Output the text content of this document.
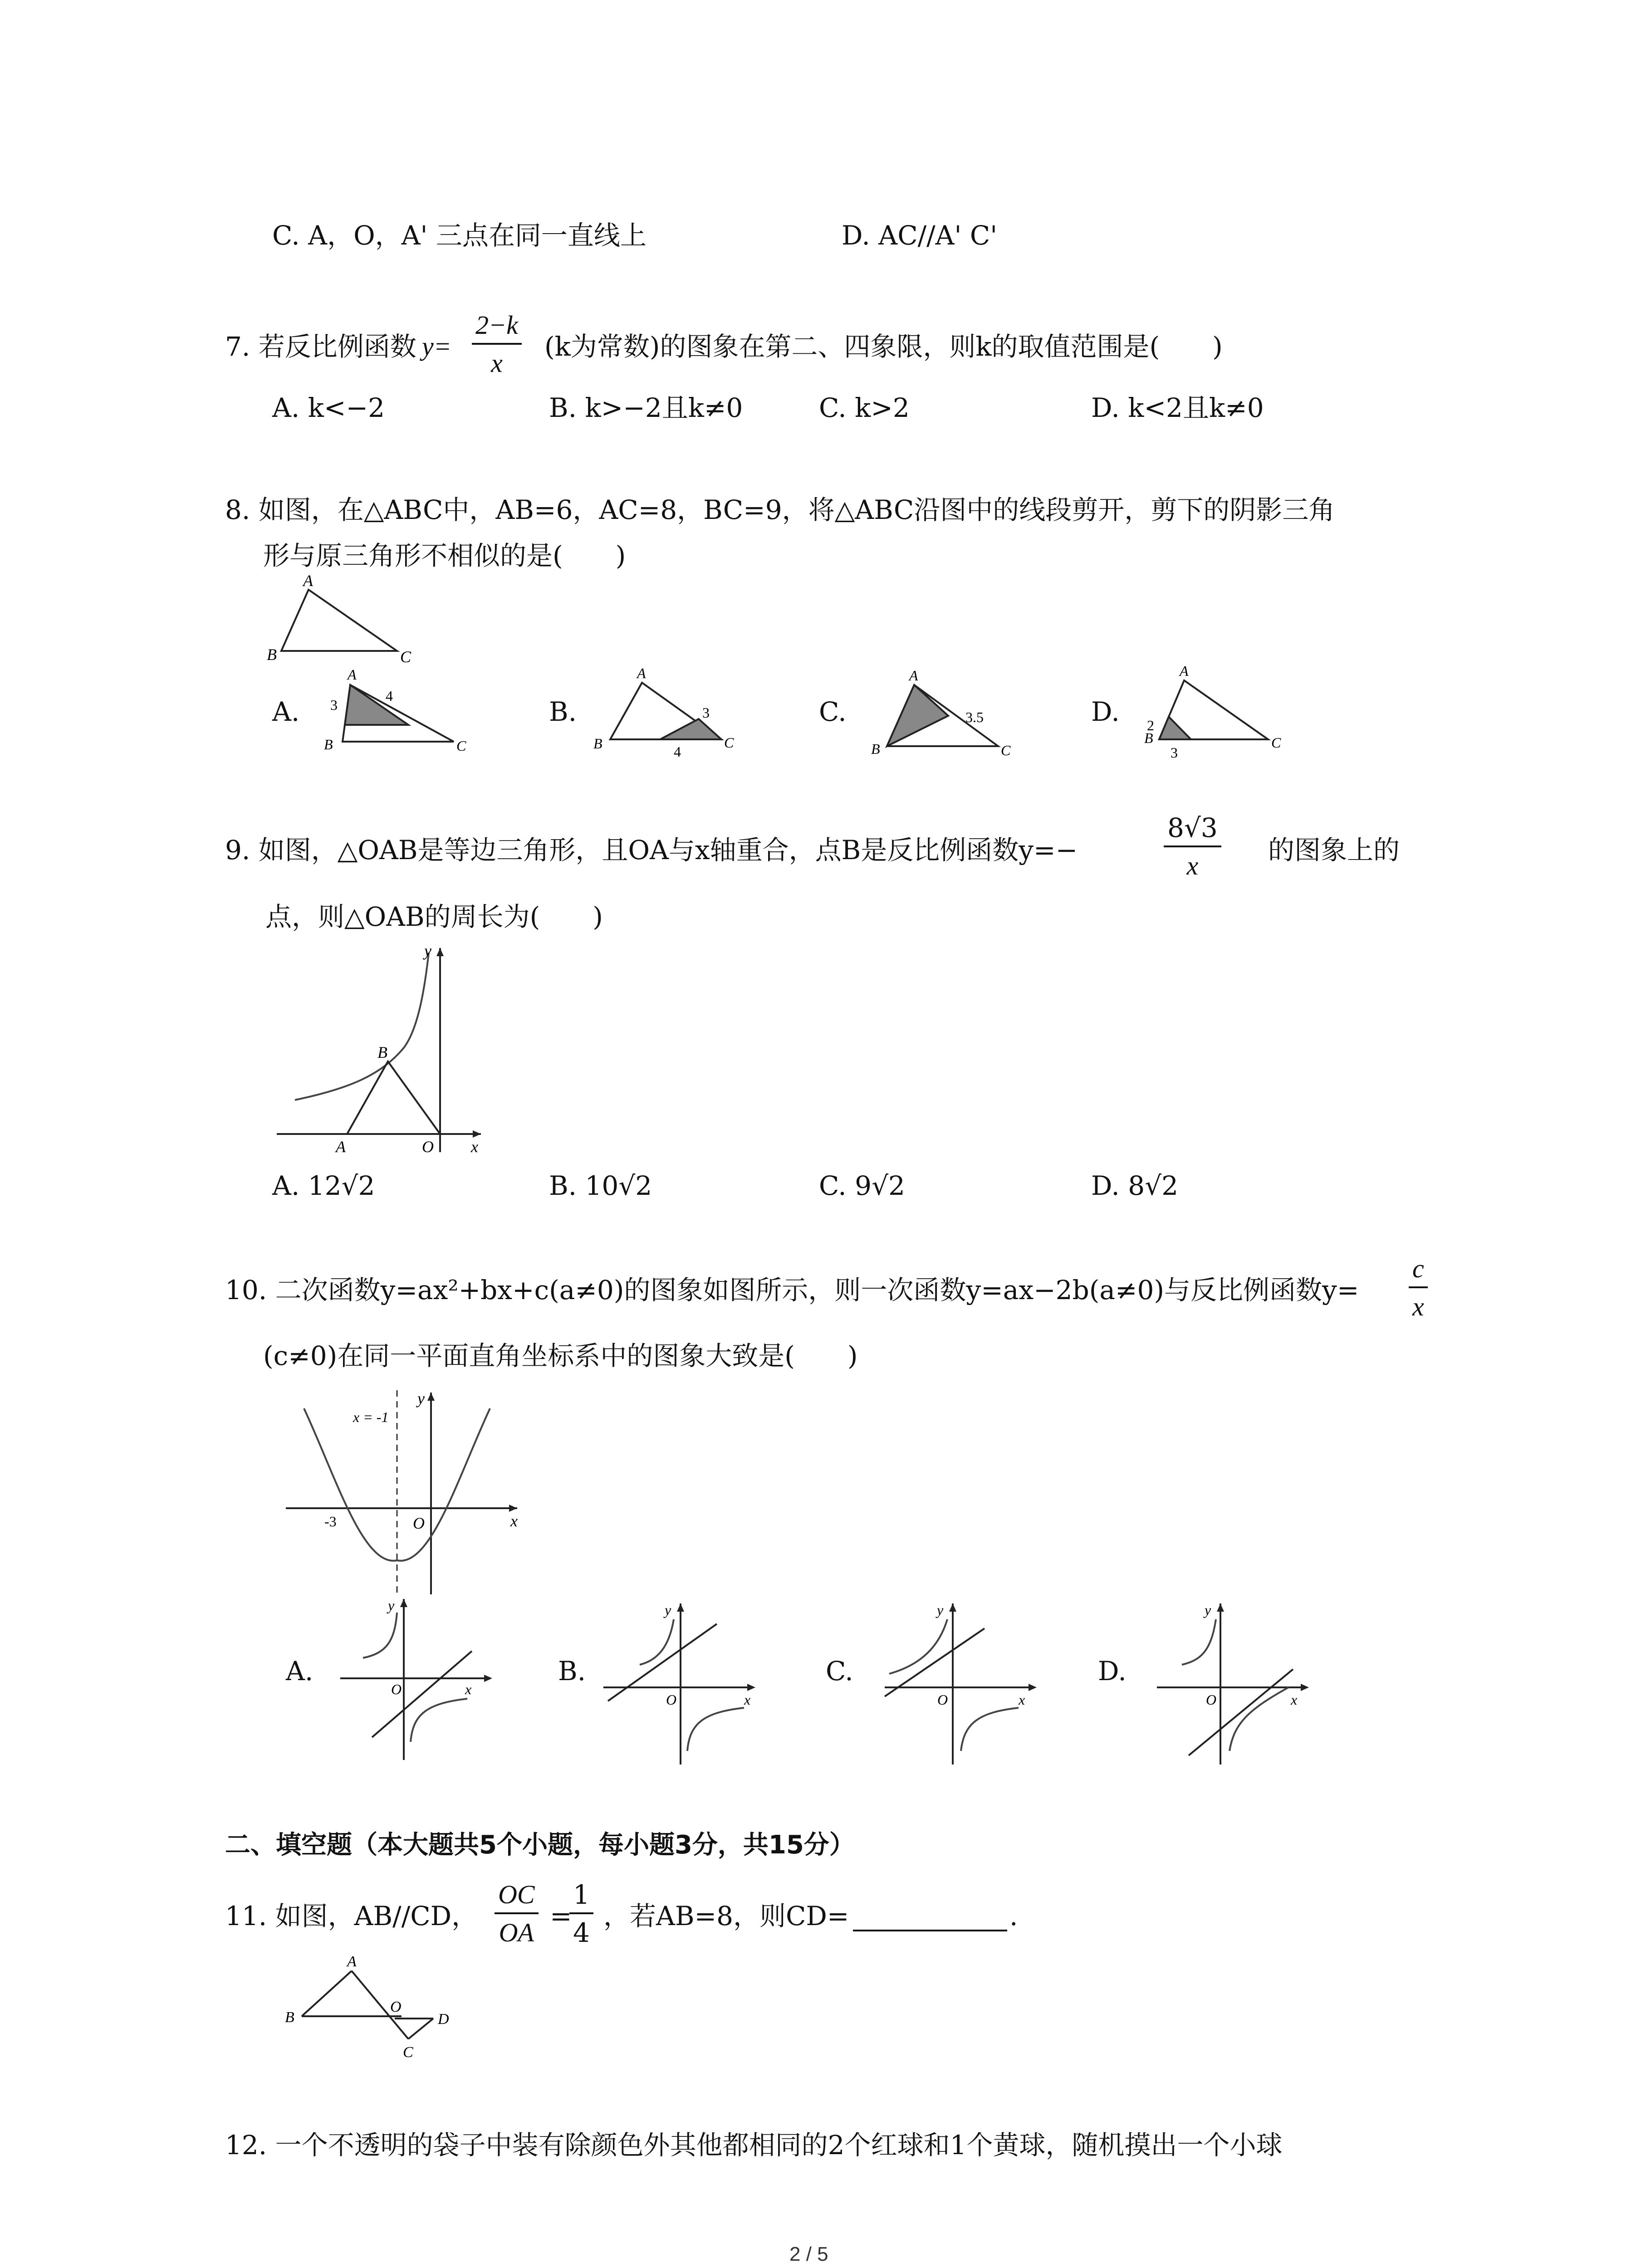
C. A，O，A' 三点在同一直线上	D. AC//A' C'
7. 若反比例函数 $y= \frac{2-k}{x} (k$为常数)的图象在第二、四象限，则k的取值范围是(　　)
A. k<−2	B. k>−2且k≠0	C. k>2	D. k<2且k≠0
8. 如图，在△ABC中，AB=6，AC=8，BC=9，将△ABC沿图中的线段剪开，剪下的阴影三角
形与原三角形不相似的是(　　)
A
B	C
A.
A
3
4
B	C
B.
A
3
4
B	C
C.
A
3.5
B	C
D.
A
2
3
B	C
9. 如图，△OAB是等边三角形，且OA与x轴重合，点B是反比例函数y=−	$\frac{8√3}{x}$ 的图象上的
点，则△OAB的周长为(　　)
y
B
A	O x
A. 12√2	B. 10√2	C. 9√2	D. 8√2
10. 二次函数y=ax²+bx+c(a≠0)的图象如图所示，则一次函数y=ax−2b(a≠0)与反比例函数$y= \frac{c}{x}$
(c≠0)在同一平面直角坐标系中的图象大致是(　　)
x = -1
y
-3	O	x
A.
y
O	x
B.
y
O	x
C.
y
O	x
D.
y
O	x
二、填空题（本大题共5个小题，每小题3分，共15分）
11. 如图，AB//CD， $\frac{OC}{OA}$ =
$\frac{1}{4}$ ，若AB=8，则CD=	.
A
B
O
D
C
12. 一个不透明的袋子中装有除颜色外其他都相同的2个红球和1个黄球，随机摸出一个小球
2 / 5
